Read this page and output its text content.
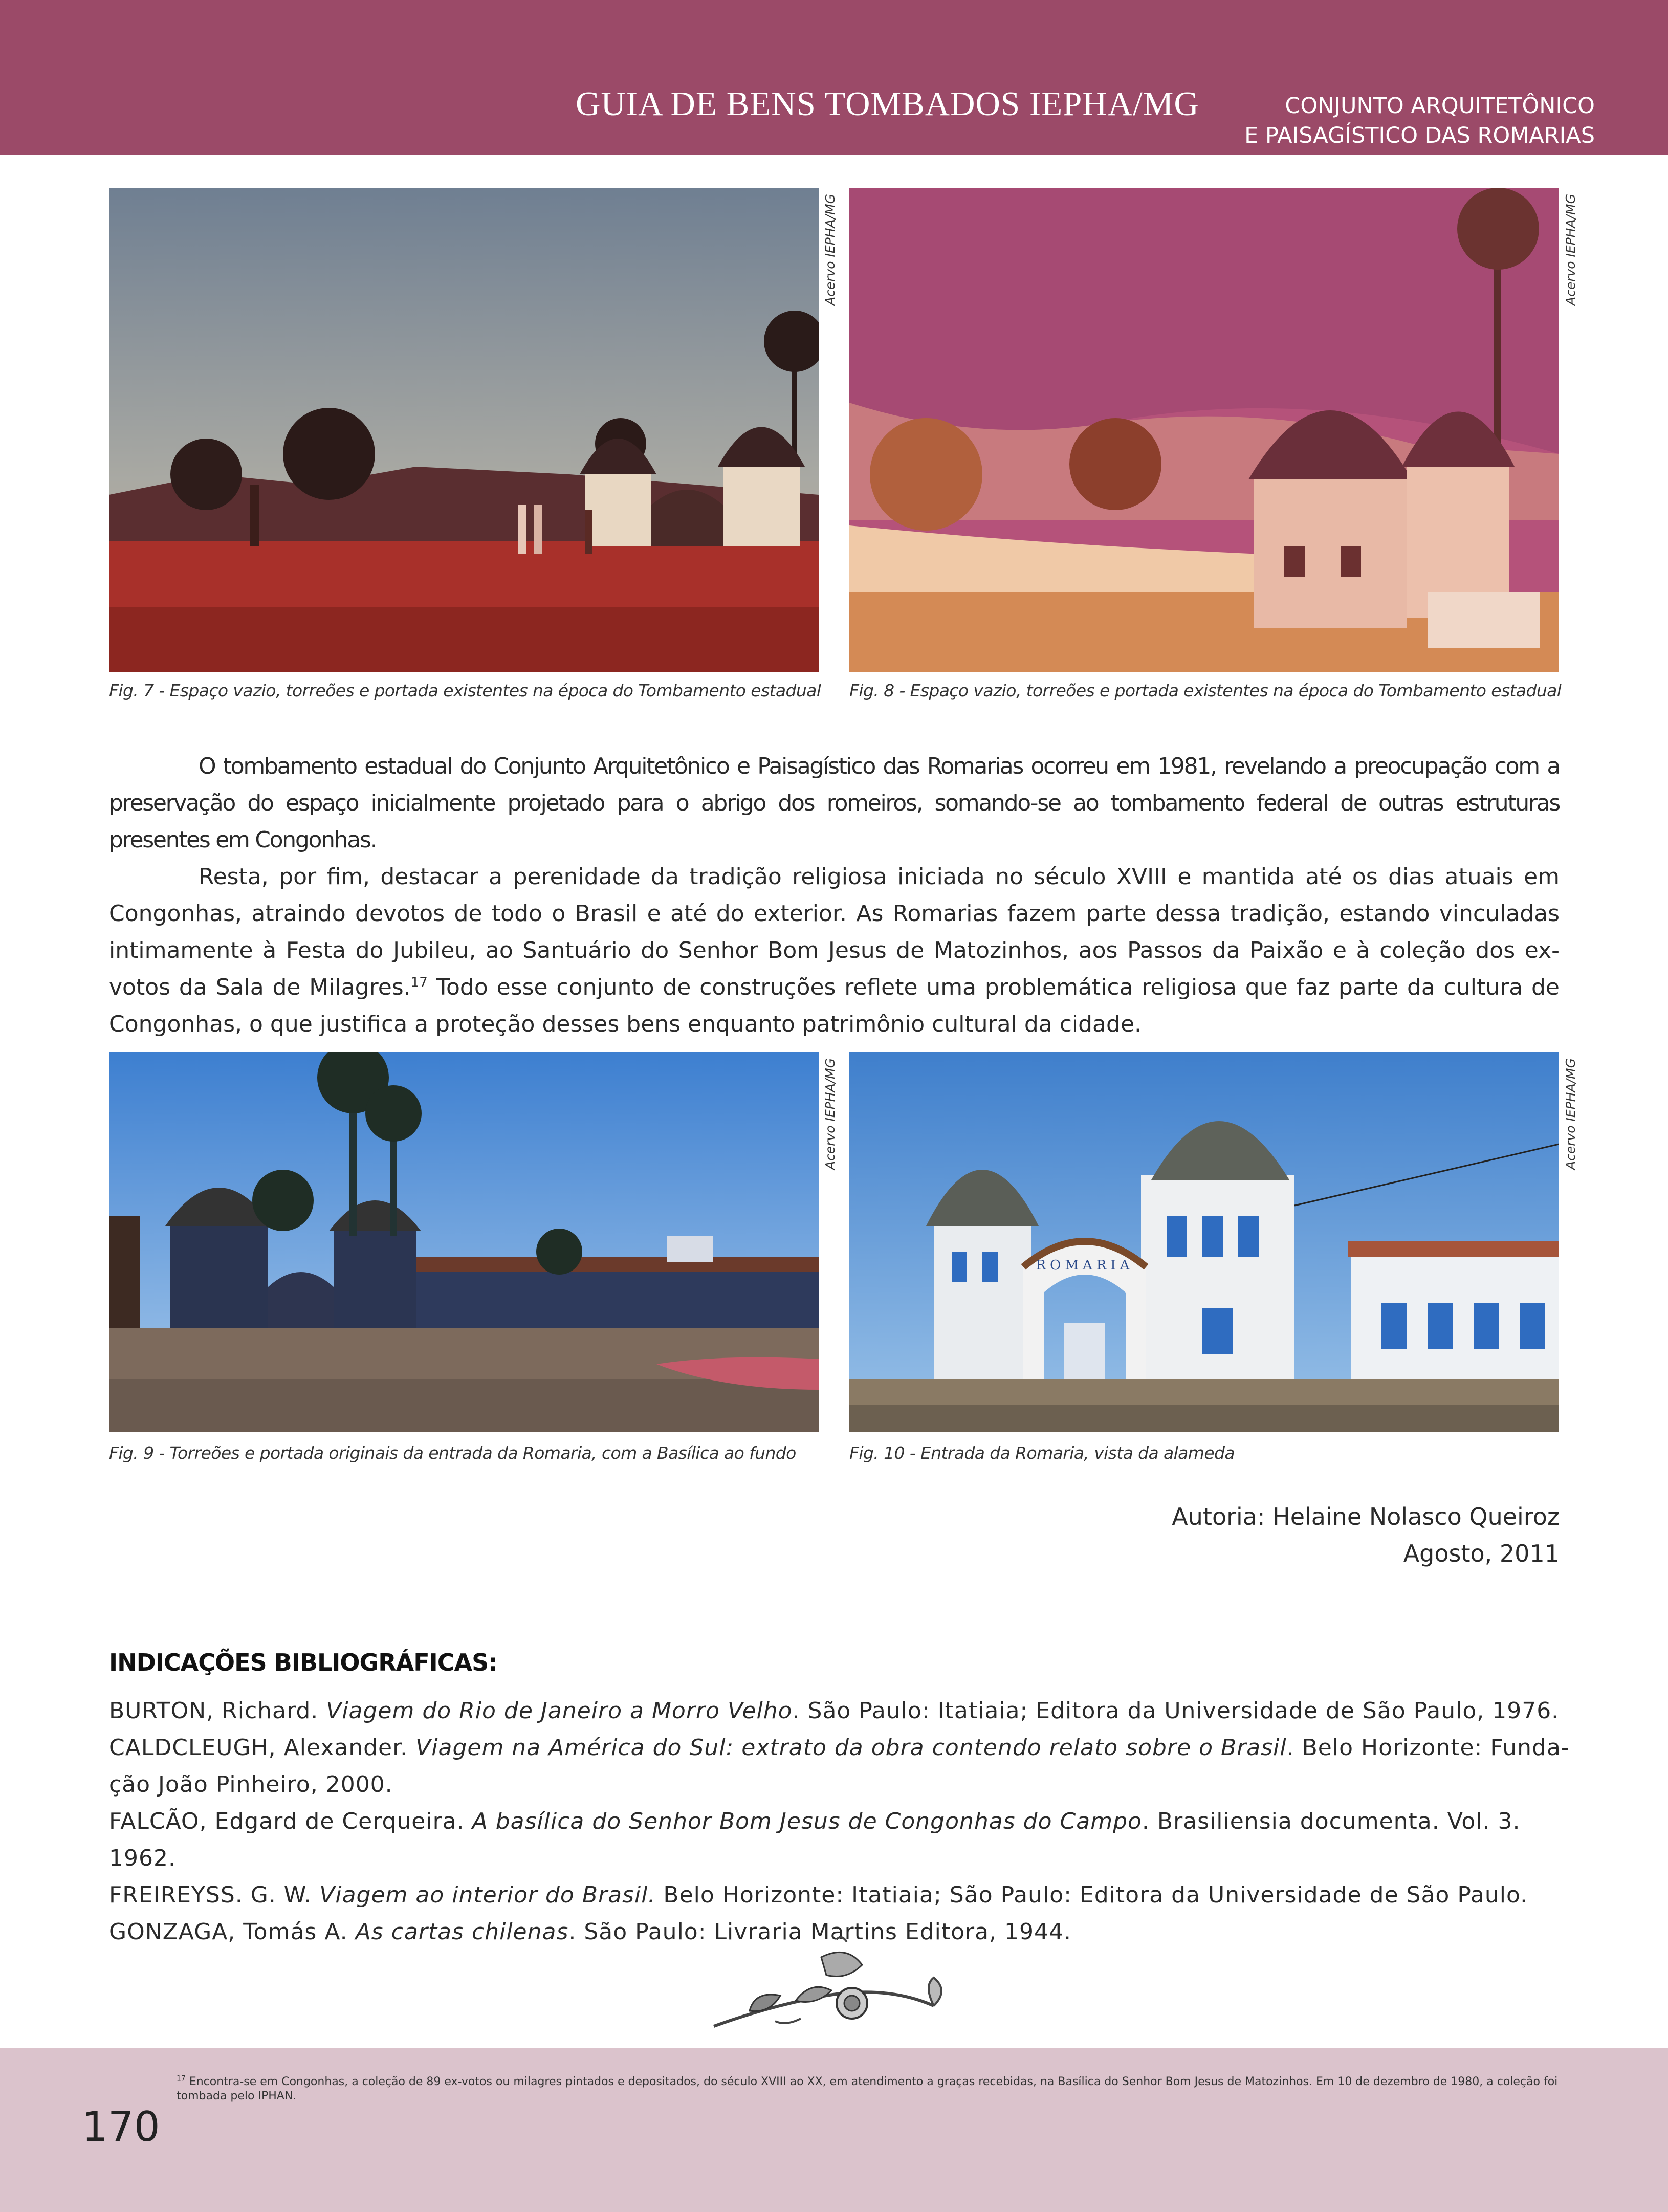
GUIA DE BENS TOMBADOS IEPHA/MG	CONJUNTO ARQUITETÔNICO
E PAISAGÍSTICO DAS ROMARIAS
Acervo IEPHA/MG
Fig. 7 - Espaço vazio, torreões e portada existentes na época do Tombamento estadual
Acervo IEPHA/MG
Fig. 8 - Espaço vazio, torreões e portada existentes na época do Tombamento estadual

O tombamento estadual do Conjunto Arquitetônico e Paisagístico das Romarias ocorreu em 1981, revelando a preocupação com a preservação do espaço inicialmente projetado para o abrigo dos romeiros, somando-se ao tombamento federal de outras estruturas presentes em Congonhas.

Resta, por fim, destacar a perenidade da tradição religiosa iniciada no século XVIII e mantida até os dias atuais em Congonhas, atraindo devotos de todo o Brasil e até do exterior. As Romarias fazem parte dessa tradição, estando vinculadas intimamente à Festa do Jubileu, ao Santuário do Senhor Bom Jesus de Matozinhos, aos Passos da Paixão e à coleção dos ex-votos da Sala de Milagres.$^{17}$ Todo esse conjunto de construções reflete uma problemática religiosa que faz parte da cultura de Congonhas, o que justifica a proteção desses bens enquanto patrimônio cultural da cidade.

Acervo IEPHA/MG
Fig. 9 - Torreões e portada originais da entrada da Romaria, com a Basílica ao fundo
ROMARIA
Acervo IEPHA/MG
Fig. 10 - Entrada da Romaria, vista da alameda
Autoria: Helaine Nolasco Queiroz
Agosto, 2011
INDICAÇÕES BIBLIOGRÁFICAS:

BURTON, Richard. Viagem do Rio de Janeiro a Morro Velho. São Paulo: Itatiaia; Editora da Universidade de São Paulo, 1976.

CALDCLEUGH, Alexander. Viagem na América do Sul: extrato da obra contendo relato sobre o Brasil. Belo Horizonte: Funda-ção João Pinheiro, 2000.

FALCÃO, Edgard de Cerqueira. A basílica do Senhor Bom Jesus de Congonhas do Campo. Brasiliensia documenta. Vol. 3. 1962.

FREIREYSS. G. W. Viagem ao interior do Brasil. Belo Horizonte: Itatiaia; São Paulo: Editora da Universidade de São Paulo.

GONZAGA, Tomás A. As cartas chilenas. São Paulo: Livraria Martins Editora, 1944.

$^{17}$ Encontra-se em Congonhas, a coleção de 89 ex-votos ou milagres pintados e depositados, do século XVIII ao XX, em atendimento a graças recebidas, na Basílica do Senhor Bom Jesus de Matozinhos. Em 10 de dezembro de 1980, a coleção foi tombada pelo IPHAN.
170
